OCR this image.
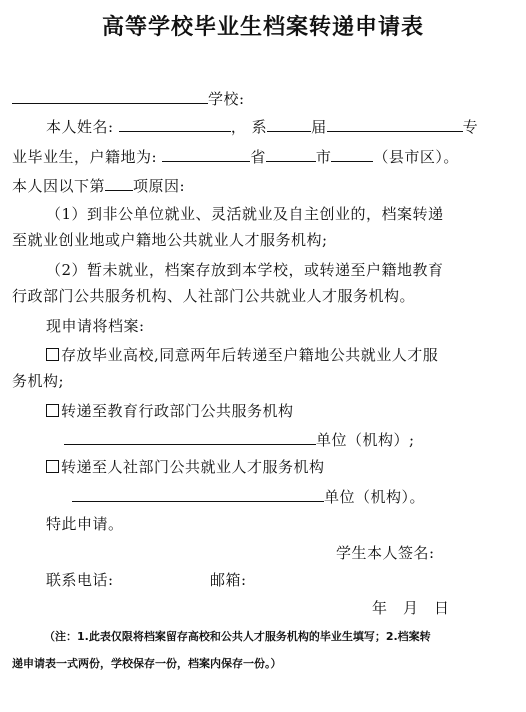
高等学校毕业生档案转递申请表
学校:
本人姓名:	， 系	届	专
业毕业生，户籍地为:	省	市	（县市区）。
本人因以下第 项原因:
（1）到非公单位就业、灵活就业及自主创业的，档案转递
至就业创业地或户籍地公共就业人才服务机构;
（2）暂未就业，档案存放到本学校，或转递至户籍地教育
行政部门公共服务机构、人社部门公共就业人才服务机构。
现申请将档案:
存放毕业高校,同意两年后转递至户籍地公共就业人才服
务机构;
转递至教育行政部门公共服务机构
单位（机构）;
转递至人社部门公共就业人才服务机构
单位（机构）。
特此申请。
学生本人签名:
联系电话:	邮箱:
年　月　日
（注：1.此表仅限将档案留存高校和公共人才服务机构的毕业生填写；2.档案转
递申请表一式两份，学校保存一份，档案内保存一份。）
